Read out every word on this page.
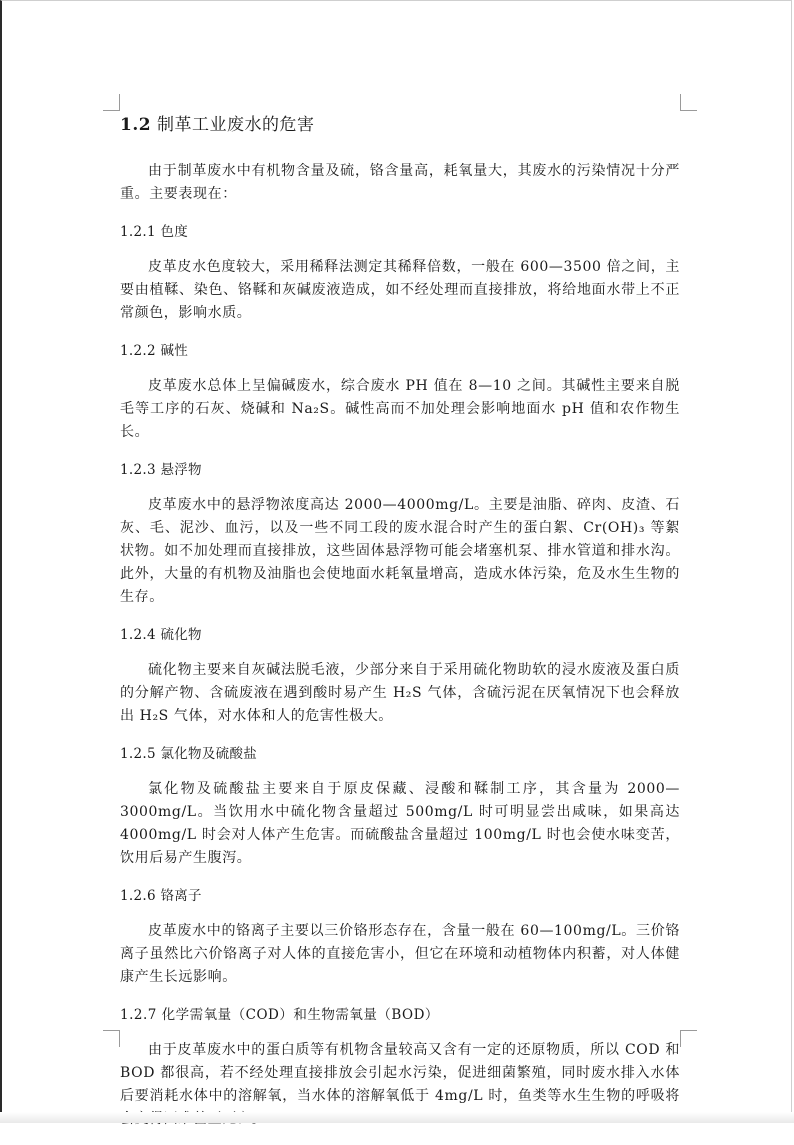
1.2 制革工业废水的危害

由于制革废水中有机物含量及硫，铬含量高，耗氧量大，其废水的污染情况十分严重。主要表现在：

1.2.1 色度

皮革皮水色度较大，采用稀释法测定其稀释倍数，一般在 600—3500 倍之间，主要由植鞣、染色、铬鞣和灰碱废液造成，如不经处理而直接排放，将给地面水带上不正常颜色，影响水质。

1.2.2 碱性

皮革废水总体上呈偏碱废水，综合废水 PH 值在 8—10 之间。其碱性主要来自脱毛等工序的石灰、烧碱和 Na₂S。碱性高而不加处理会影响地面水 pH 值和农作物生长。

1.2.3 悬浮物

皮革废水中的悬浮物浓度高达 2000—4000mg/L。主要是油脂、碎肉、皮渣、石灰、毛、泥沙、血污，以及一些不同工段的废水混合时产生的蛋白絮、Cr(OH)₃ 等絮状物。如不加处理而直接排放，这些固体悬浮物可能会堵塞机泵、排水管道和排水沟。此外，大量的有机物及油脂也会使地面水耗氧量增高，造成水体污染，危及水生生物的生存。

1.2.4 硫化物

硫化物主要来自灰碱法脱毛液，少部分来自于采用硫化物助软的浸水废液及蛋白质的分解产物、含硫废液在遇到酸时易产生 H₂S 气体，含硫污泥在厌氧情况下也会释放出 H₂S 气体，对水体和人的危害性极大。

1.2.5 氯化物及硫酸盐

氯化物及硫酸盐主要来自于原皮保藏、浸酸和鞣制工序，其含量为 2000—3000mg/L。当饮用水中硫化物含量超过 500mg/L 时可明显尝出咸味，如果高达 4000mg/L 时会对人体产生危害。而硫酸盐含量超过 100mg/L 时也会使水味变苦，饮用后易产生腹泻。

1.2.6 铬离子

皮革废水中的铬离子主要以三价铬形态存在，含量一般在 60—100mg/L。三价铬离子虽然比六价铬离子对人体的直接危害小，但它在环境和动植物体内积蓄，对人体健康产生长远影响。

1.2.7 化学需氧量（COD）和生物需氧量（BOD）

由于皮革废水中的蛋白质等有机物含量较高又含有一定的还原物质，所以 COD 和 BOD 都很高，若不经处理直接排放会引起水污染，促进细菌繁殖，同时废水排入水体后要消耗水体中的溶解氧，当水体的溶解氧低于 4mg/L 时，鱼类等水生生物的呼吸将
